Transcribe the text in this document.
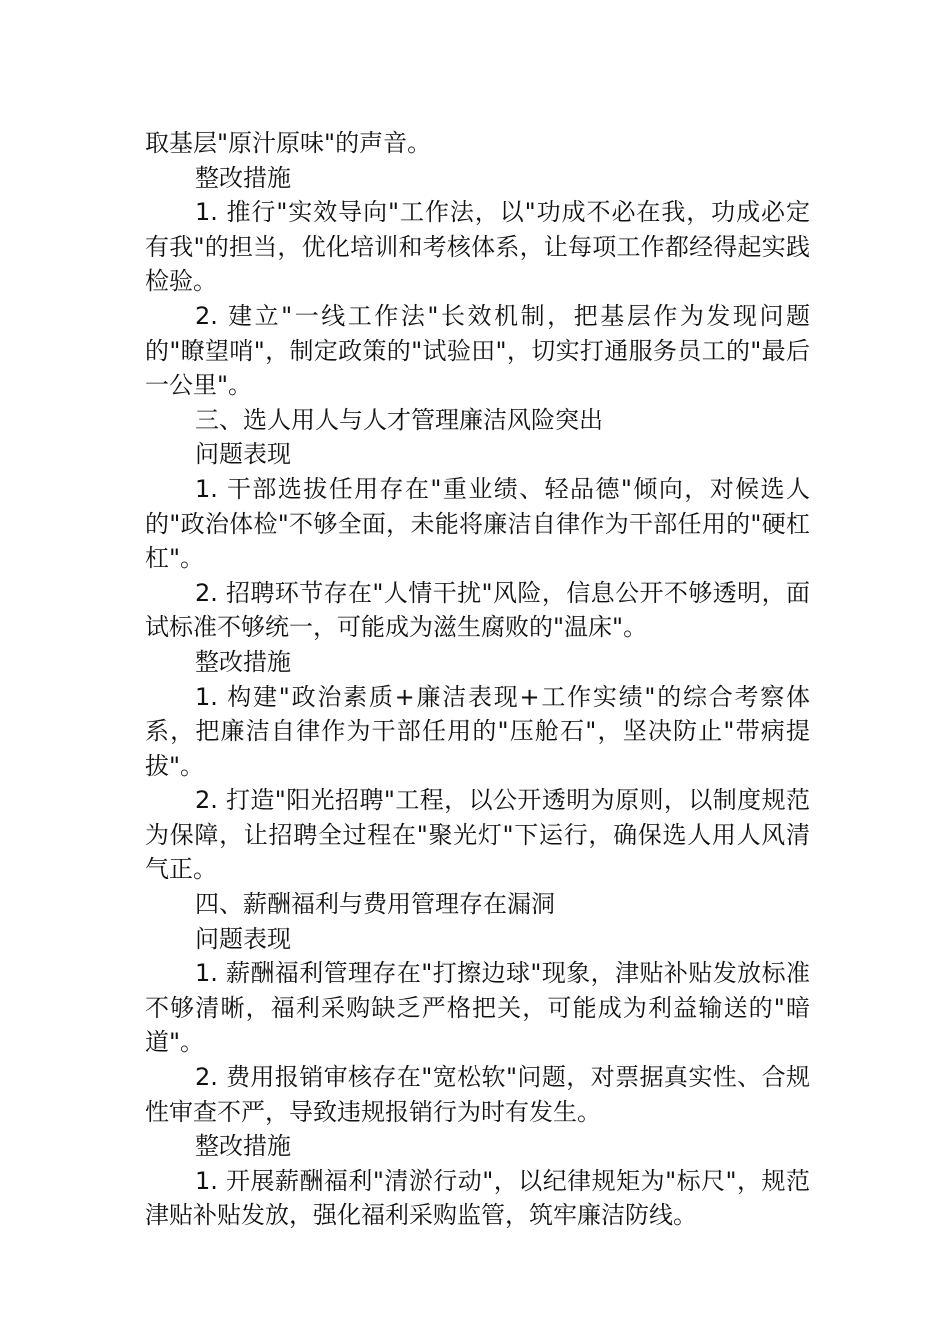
取基层"原汁原味"的声音。

整改措施

1. 推行"实效导向"工作法，以"功成不必在我，功成必定有我"的担当，优化培训和考核体系，让每项工作都经得起实践检验。

2. 建立"一线工作法"长效机制，把基层作为发现问题的"瞭望哨"，制定政策的"试验田"，切实打通服务员工的"最后一公里"。

三、选人用人与人才管理廉洁风险突出

问题表现

1. 干部选拔任用存在"重业绩、轻品德"倾向，对候选人的"政治体检"不够全面，未能将廉洁自律作为干部任用的"硬杠杠"。

2. 招聘环节存在"人情干扰"风险，信息公开不够透明，面试标准不够统一，可能成为滋生腐败的"温床"。

整改措施

1. 构建"政治素质+廉洁表现+工作实绩"的综合考察体系，把廉洁自律作为干部任用的"压舱石"，坚决防止"带病提拔"。

2. 打造"阳光招聘"工程，以公开透明为原则，以制度规范为保障，让招聘全过程在"聚光灯"下运行，确保选人用人风清气正。

四、薪酬福利与费用管理存在漏洞

问题表现

1. 薪酬福利管理存在"打擦边球"现象，津贴补贴发放标准不够清晰，福利采购缺乏严格把关，可能成为利益输送的"暗道"。

2. 费用报销审核存在"宽松软"问题，对票据真实性、合规性审查不严，导致违规报销行为时有发生。

整改措施

1. 开展薪酬福利"清淤行动"，以纪律规矩为"标尺"，规范津贴补贴发放，强化福利采购监管，筑牢廉洁防线。
